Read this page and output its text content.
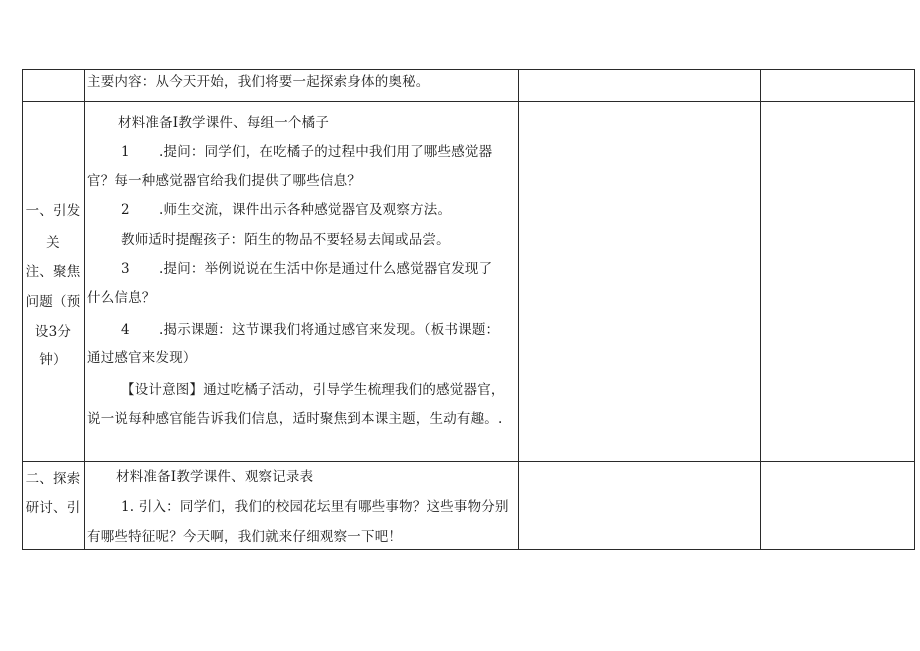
主要内容：从今天开始，我们将要一起探索身体的奥秘。
一、引发
关
注、聚焦
问题（预
设3分
钟）
材料准备I教学课件、每组一个橘子
1 .提问：同学们，在吃橘子的过程中我们用了哪些感觉器
官？每一种感觉器官给我们提供了哪些信息？
2 .师生交流，课件出示各种感觉器官及观察方法。
教师适时提醒孩子：陌生的物品不要轻易去闻或品尝。
3 .提问：举例说说在生活中你是通过什么感觉器官发现了
什么信息？
4 .揭示课题：这节课我们将通过感官来发现。（板书课题：
通过感官来发现）
【设计意图】通过吃橘子活动，引导学生梳理我们的感觉器官，
说一说每种感官能告诉我们信息，适时聚焦到本课主题，生动有趣。.
二、探索
研讨、引
材料准备I教学课件、观察记录表
1. 引入：同学们，我们的校园花坛里有哪些事物？这些事物分别
有哪些特征呢？今天啊，我们就来仔细观察一下吧！
